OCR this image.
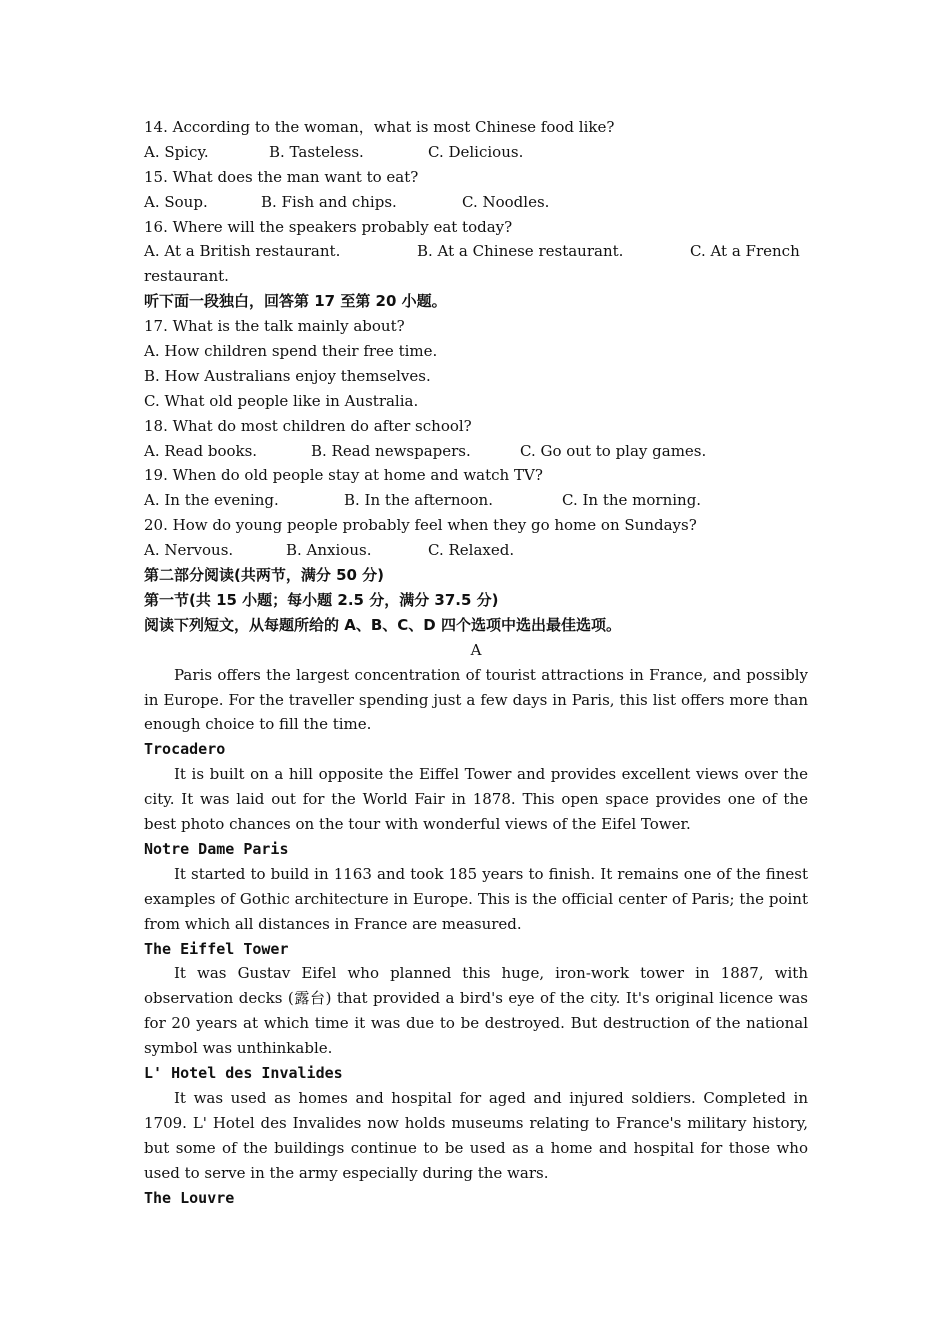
14. According to the woman，what is most Chinese food like?
A. Spicy.	B. Tasteless.	C. Delicious.
15. What does the man want to eat?
A. Soup.	B. Fish and chips.	C. Noodles.
16. Where will the speakers probably eat today?
A. At a British restaurant.	B. At a Chinese restaurant.	C. At a French
restaurant.
听下面一段独白，回答第 17 至第 20 小题。
17. What is the talk mainly about?
A. How children spend their free time.
B. How Australians enjoy themselves.
C. What old people like in Australia.
18. What do most children do after school?
A. Read books.	B. Read newspapers.	C. Go out to play games.
19. When do old people stay at home and watch TV?
A. In the evening.	B. In the afternoon.	C. In the morning.
20. How do young people probably feel when they go home on Sundays?
A. Nervous.	B. Anxious.	C. Relaxed.
第二部分阅读(共两节，满分 50 分)
第一节(共 15 小题；每小题 2.5 分，满分 37.5 分)
阅读下列短文，从每题所给的 A、B、C、D 四个选项中选出最佳选项。
A
Paris offers the largest concentration of tourist attractions in France, and possibly in Europe. For the traveller spending just a few days in Paris, this list offers more than enough choice to fill the time.
Trocadero
It is built on a hill opposite the Eiffel Tower and provides excellent views over the city. It was laid out for the World Fair in 1878. This open space provides one of the best photo chances on the tour with wonderful views of the Eifel Tower.
Notre Dame Paris
It started to build in 1163 and took 185 years to finish. It remains one of the finest examples of Gothic architecture in Europe. This is the official center of Paris; the point from which all distances in France are measured.
The Eiffel Tower
It was Gustav Eifel who planned this huge, iron-work tower in 1887, with observation decks (露台) that provided a bird's eye of the city. It's original licence was for 20 years at which time it was due to be destroyed. But destruction of the national symbol was unthinkable.
L' Hotel des Invalides
It was used as homes and hospital for aged and injured soldiers. Completed in 1709. L' Hotel des Invalides now holds museums relating to France's military history, but some of the buildings continue to be used as a home and hospital for those who used to serve in the army especially during the wars.
The Louvre
